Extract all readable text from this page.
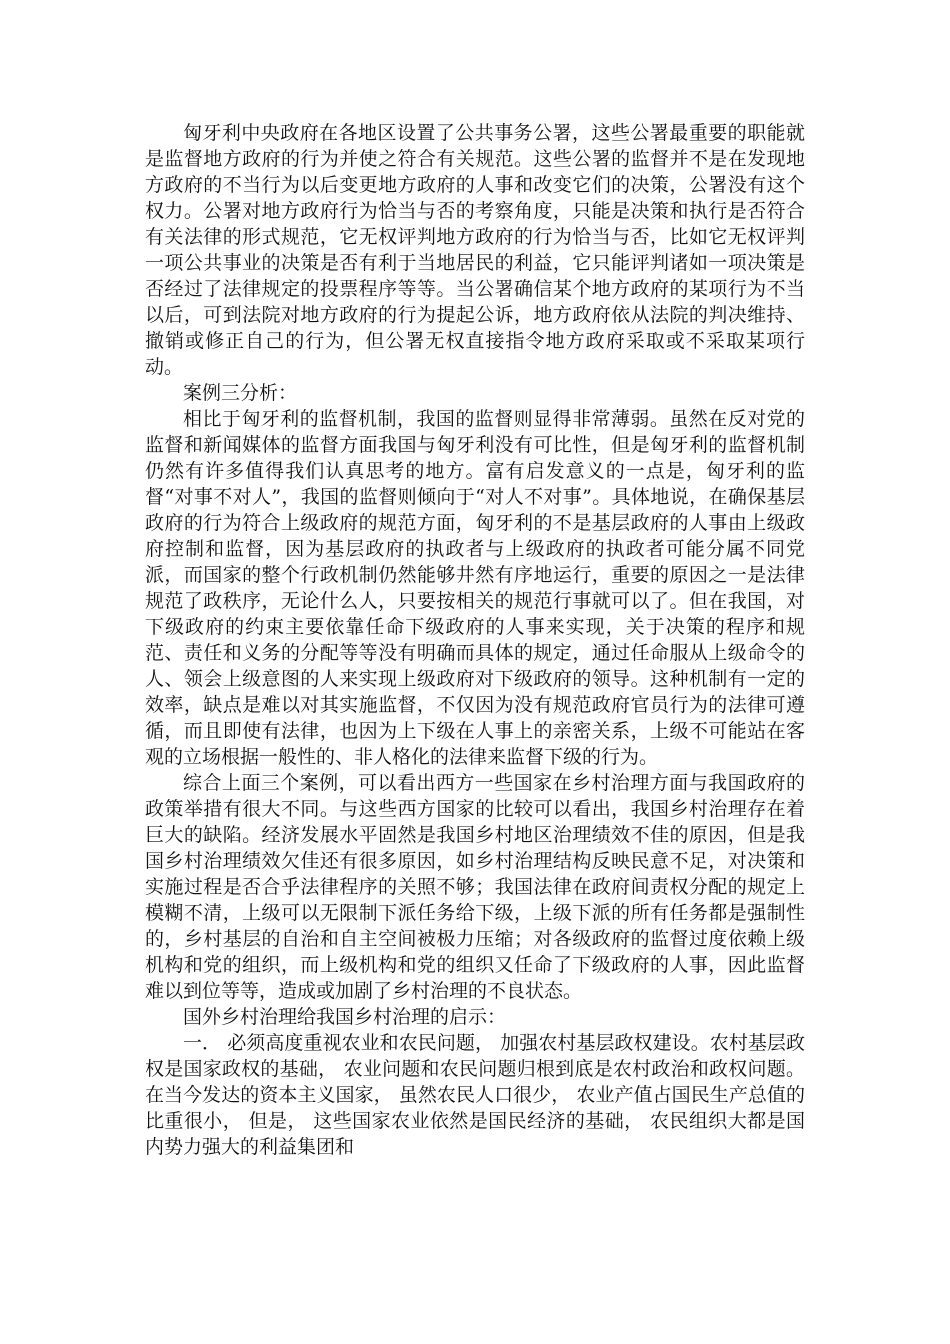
匈牙利中央政府在各地区设置了公共事务公署，这些公署最重要的职能就是监督地方政府的行为并使之符合有关规范。这些公署的监督并不是在发现地方政府的不当行为以后变更地方政府的人事和改变它们的决策，公署没有这个权力。公署对地方政府行为恰当与否的考察角度，只能是决策和执行是否符合有关法律的形式规范，它无权评判地方政府的行为恰当与否，比如它无权评判一项公共事业的决策是否有利于当地居民的利益，它只能评判诸如一项决策是否经过了法律规定的投票程序等等。当公署确信某个地方政府的某项行为不当以后，可到法院对地方政府的行为提起公诉，地方政府依从法院的判决维持、撤销或修正自己的行为，但公署无权直接指令地方政府采取或不采取某项行动。

案例三分析：

相比于匈牙利的监督机制，我国的监督则显得非常薄弱。虽然在反对党的监督和新闻媒体的监督方面我国与匈牙利没有可比性，但是匈牙利的监督机制仍然有许多值得我们认真思考的地方。富有启发意义的一点是，匈牙利的监督“对事不对人”，我国的监督则倾向于“对人不对事”。具体地说，在确保基层政府的行为符合上级政府的规范方面，匈牙利的不是基层政府的人事由上级政府控制和监督，因为基层政府的执政者与上级政府的执政者可能分属不同党派，而国家的整个行政机制仍然能够井然有序地运行，重要的原因之一是法律规范了政秩序，无论什么人，只要按相关的规范行事就可以了。但在我国，对下级政府的约束主要依靠任命下级政府的人事来实现，关于决策的程序和规范、责任和义务的分配等等没有明确而具体的规定，通过任命服从上级命令的人、领会上级意图的人来实现上级政府对下级政府的领导。这种机制有一定的效率，缺点是难以对其实施监督，不仅因为没有规范政府官员行为的法律可遵循，而且即使有法律，也因为上下级在人事上的亲密关系，上级不可能站在客观的立场根据一般性的、非人格化的法律来监督下级的行为。

综合上面三个案例，可以看出西方一些国家在乡村治理方面与我国政府的政策举措有很大不同。与这些西方国家的比较可以看出，我国乡村治理存在着巨大的缺陷。经济发展水平固然是我国乡村地区治理绩效不佳的原因，但是我国乡村治理绩效欠佳还有很多原因，如乡村治理结构反映民意不足，对决策和实施过程是否合乎法律程序的关照不够；我国法律在政府间责权分配的规定上模糊不清，上级可以无限制下派任务给下级，上级下派的所有任务都是强制性的，乡村基层的自治和自主空间被极力压缩；对各级政府的监督过度依赖上级机构和党的组织，而上级机构和党的组织又任命了下级政府的人事，因此监督难以到位等等，造成或加剧了乡村治理的不良状态。

国外乡村治理给我国乡村治理的启示：

一． 必须高度重视农业和农民问题， 加强农村基层政权建设。农村基层政权是国家政权的基础， 农业问题和农民问题归根到底是农村政治和政权问题。在当今发达的资本主义国家， 虽然农民人口很少， 农业产值占国民生产总值的比重很小， 但是， 这些国家农业依然是国民经济的基础， 农民组织大都是国内势力强大的利益集团和
